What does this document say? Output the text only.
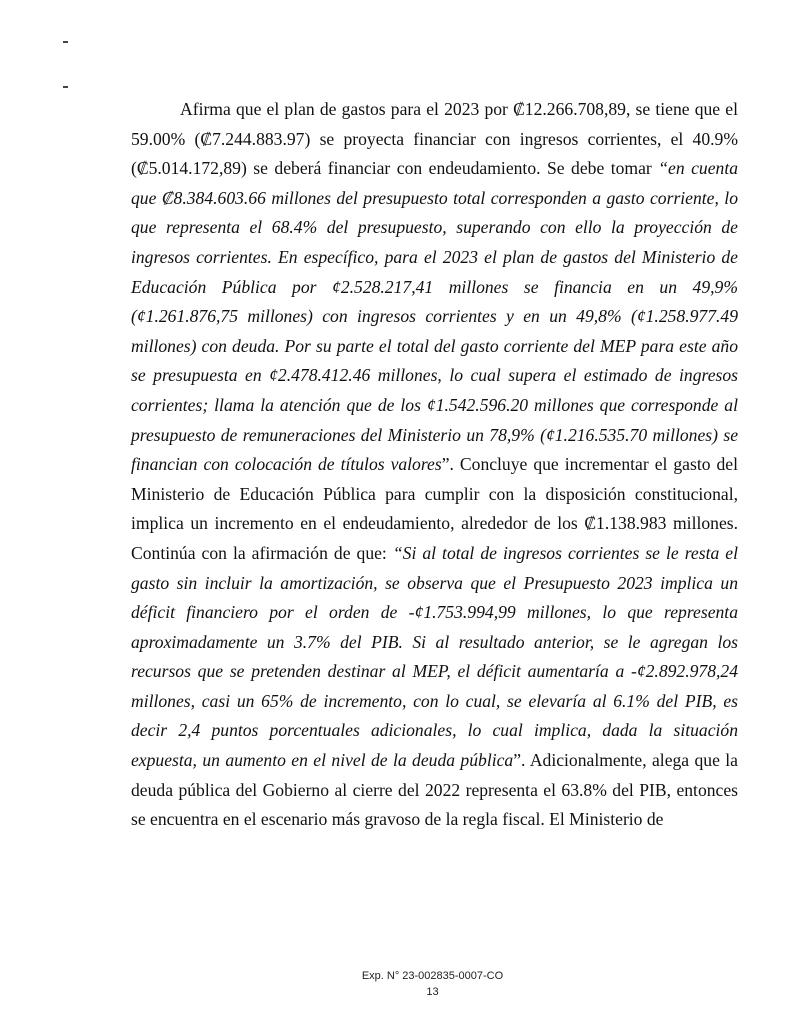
Afirma que el plan de gastos para el 2023 por ₡12.266.708,89, se tiene que el 59.00% (₡7.244.883.97) se proyecta financiar con ingresos corrientes, el 40.9% (₡5.014.172,89) se deberá financiar con endeudamiento. Se debe tomar “en cuenta que ₡8.384.603.66 millones del presupuesto total corresponden a gasto corriente, lo que representa el 68.4% del presupuesto, superando con ello la proyección de ingresos corrientes. En específico, para el 2023 el plan de gastos del Ministerio de Educación Pública por ¢2.528.217,41 millones se financia en un 49,9% (¢1.261.876,75 millones) con ingresos corrientes y en un 49,8% (¢1.258.977.49 millones) con deuda. Por su parte el total del gasto corriente del MEP para este año se presupuesta en ¢2.478.412.46 millones, lo cual supera el estimado de ingresos corrientes; llama la atención que de los ¢1.542.596.20 millones que corresponde al presupuesto de remuneraciones del Ministerio un 78,9% (¢1.216.535.70 millones) se financian con colocación de títulos valores”. Concluye que incrementar el gasto del Ministerio de Educación Pública para cumplir con la disposición constitucional, implica un incremento en el endeudamiento, alrededor de los ₡1.138.983 millones. Continúa con la afirmación de que: “Si al total de ingresos corrientes se le resta el gasto sin incluir la amortización, se observa que el Presupuesto 2023 implica un déficit financiero por el orden de -¢1.753.994,99 millones, lo que representa aproximadamente un 3.7% del PIB. Si al resultado anterior, se le agregan los recursos que se pretenden destinar al MEP, el déficit aumentaría a -¢2.892.978,24 millones, casi un 65% de incremento, con lo cual, se elevaría al 6.1% del PIB, es decir 2,4 puntos porcentuales adicionales, lo cual implica, dada la situación expuesta, un aumento en el nivel de la deuda pública”. Adicionalmente, alega que la deuda pública del Gobierno al cierre del 2022 representa el 63.8% del PIB, entonces se encuentra en el escenario más gravoso de la regla fiscal. El Ministerio de

Exp. N° 23-002835-0007-CO
13
